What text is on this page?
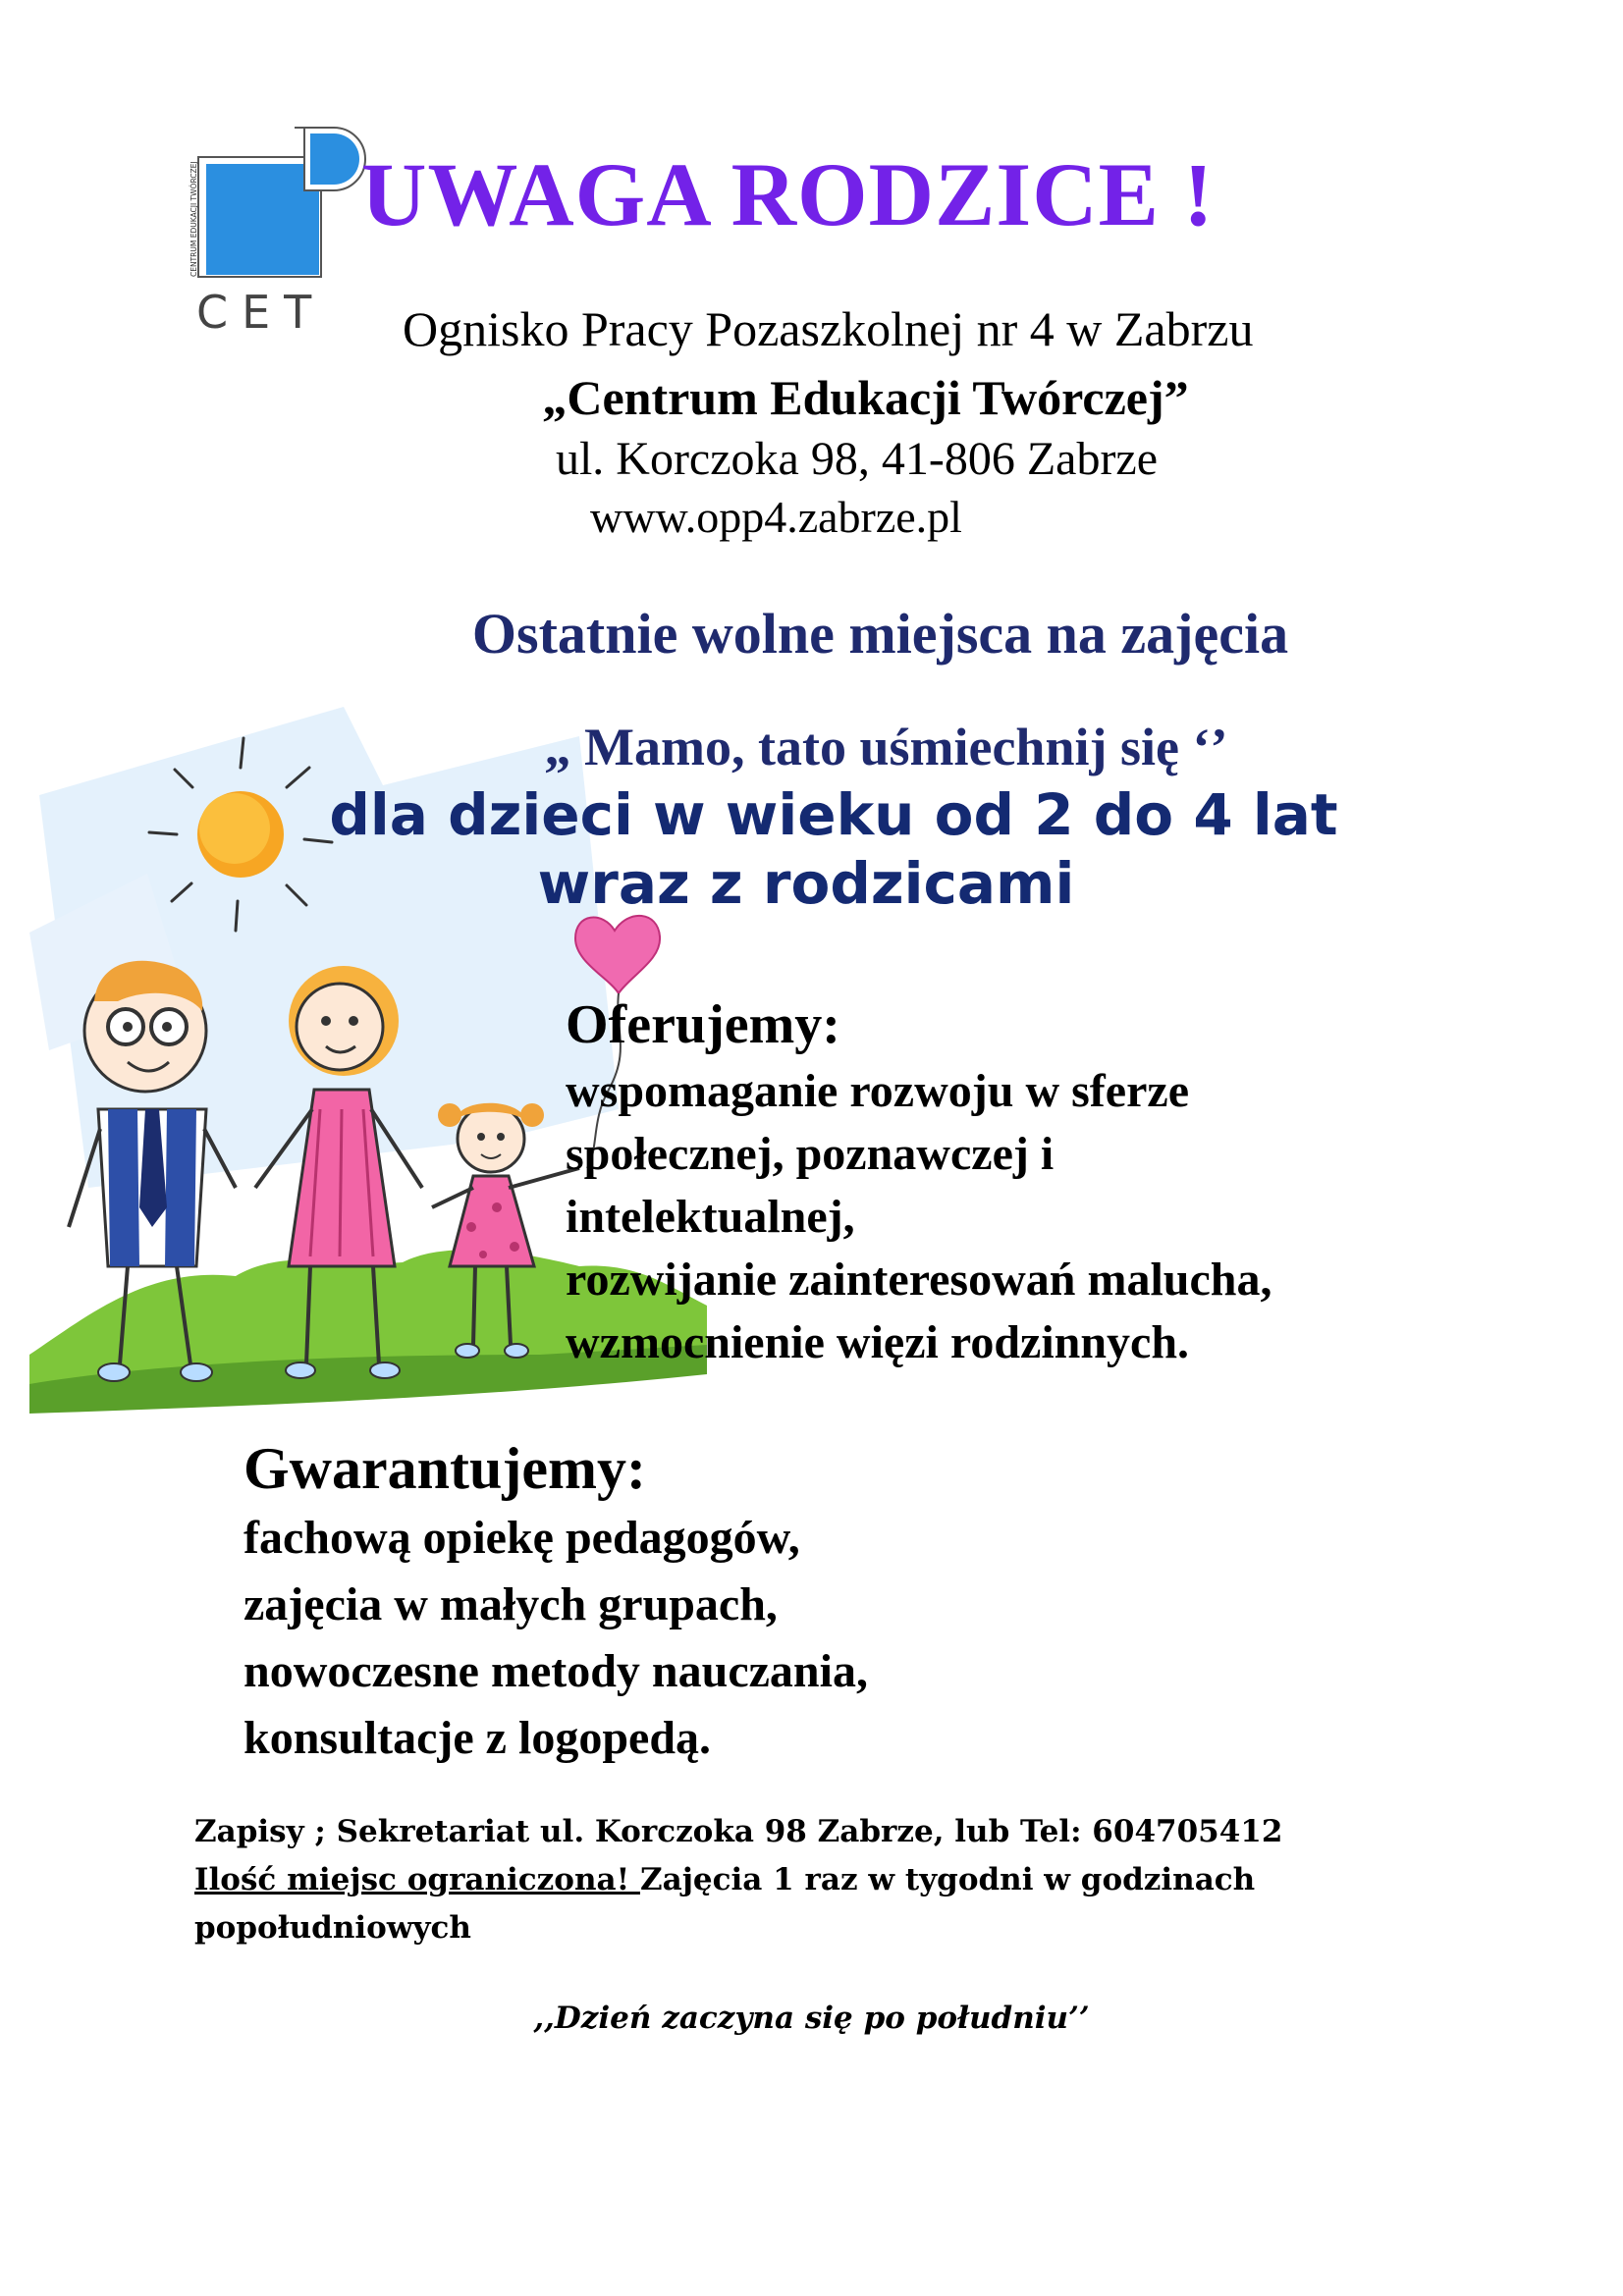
CENTRUM EDUKACJI TWÓRCZEJ
CET
UWAGA RODZICE !
Ognisko Pracy Pozaszkolnej nr 4 w Zabrzu
„Centrum Edukacji Twórczej”
ul. Korczoka 98, 41-806 Zabrze
www.opp4.zabrze.pl
Ostatnie wolne miejsca na zajęcia
„ Mamo, tato uśmiechnij się ‘’
dla dzieci w wieku od 2 do 4 lat
wraz z rodzicami
Oferujemy:
wspomaganie rozwoju w sferze
społecznej, poznawczej i
intelektualnej,
rozwijanie zainteresowań malucha,
wzmocnienie więzi rodzinnych.
Gwarantujemy:
fachową opiekę pedagogów,
zajęcia w małych grupach,
nowoczesne metody nauczania,
konsultacje z logopedą.
Zapisy ; Sekretariat ul. Korczoka 98 Zabrze, lub Tel: 604705412
Ilość miejsc ograniczona! Zajęcia 1 raz w tygodni w godzinach
popołudniowych
,,Dzień zaczyna się po południu’’
